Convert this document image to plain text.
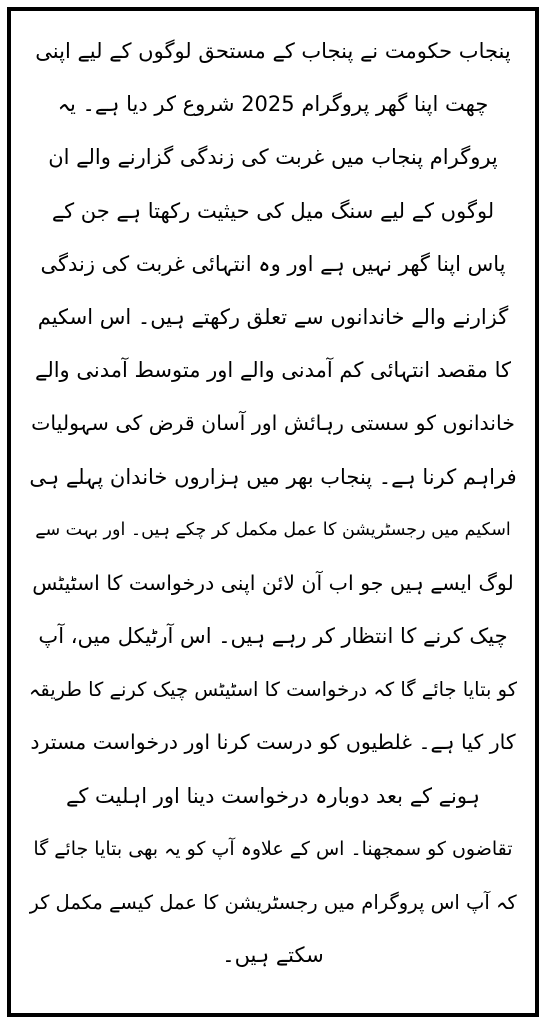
پنجاب حکومت نے پنجاب کے مستحق لوگوں کے لیے اپنی
چھت اپنا گھر پروگرام 2025 شروع کر دیا ہے۔ یہ
پروگرام پنجاب میں غربت کی زندگی گزارنے والے ان
لوگوں کے لیے سنگ میل کی حیثیت رکھتا ہے جن کے
پاس اپنا گھر نہیں ہے اور وہ انتہائی غربت کی زندگی
گزارنے والے خاندانوں سے تعلق رکھتے ہیں۔ اس اسکیم
کا مقصد انتہائی کم آمدنی والے اور متوسط آمدنی والے
خاندانوں کو سستی رہائش اور آسان قرض کی سہولیات
فراہم کرنا ہے۔ پنجاب بھر میں ہزاروں خاندان پہلے ہی
اسکیم میں رجسٹریشن کا عمل مکمل کر چکے ہیں۔ اور بہت سے
لوگ ایسے ہیں جو اب آن لائن اپنی درخواست کا اسٹیٹس
چیک کرنے کا انتظار کر رہے ہیں۔ اس آرٹیکل میں، آپ
کو بتایا جائے گا کہ درخواست کا اسٹیٹس چیک کرنے کا طریقہ
کار کیا ہے۔ غلطیوں کو درست کرنا اور درخواست مسترد
ہونے کے بعد دوبارہ درخواست دینا اور اہلیت کے
تقاضوں کو سمجھنا۔ اس کے علاوہ آپ کو یہ بھی بتایا جائے گا
کہ آپ اس پروگرام میں رجسٹریشن کا عمل کیسے مکمل کر
سکتے ہیں۔
